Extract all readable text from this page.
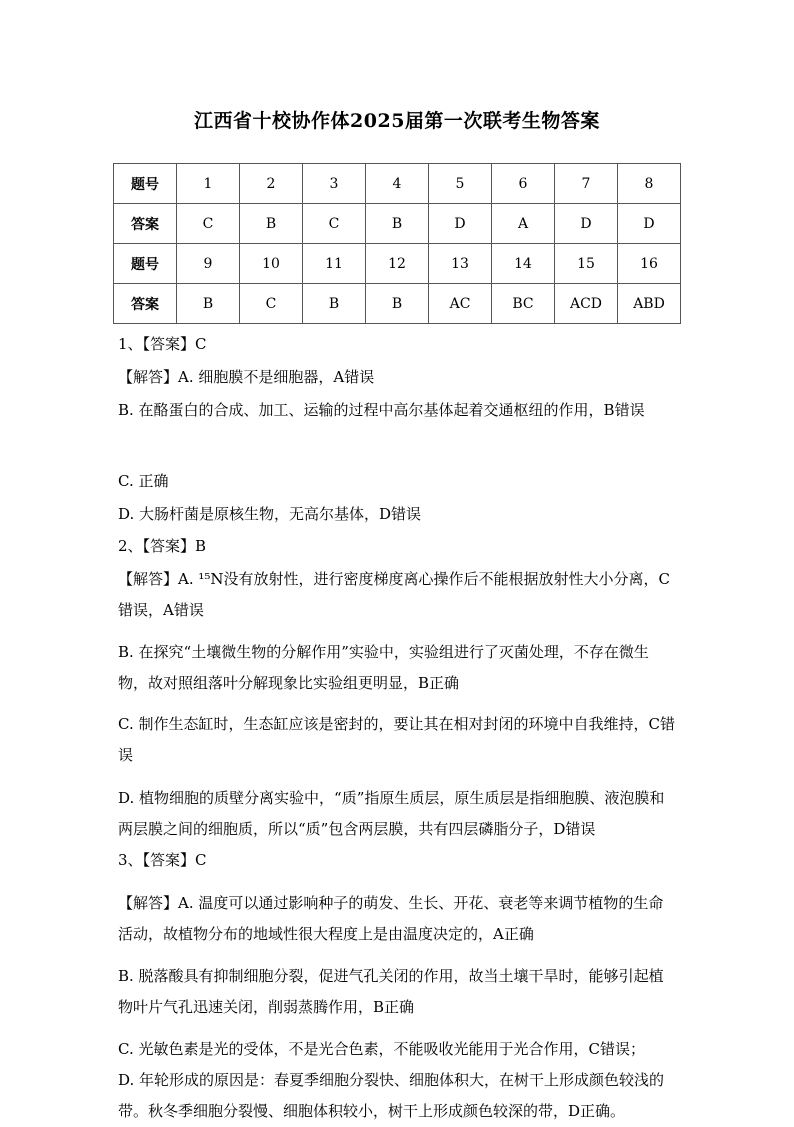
江西省十校协作体2025届第一次联考生物答案
题号	1	2	3	4	5	6	7	8
答案	C	B	C	B	D	A	D	D
题号	9	10	11	12	13	14	15	16
答案	B	C	B	B	AC	BC	ACD	ABD
1、【答案】C
【解答】A. 细胞膜不是细胞器，A错误
B. 在酪蛋白的合成、加工、运输的过程中高尔基体起着交通枢纽的作用，B错误
C. 正确
D. 大肠杆菌是原核生物，无高尔基体，D错误
2、【答案】B
【解答】A. ¹⁵N没有放射性，进行密度梯度离心操作后不能根据放射性大小分离，C错误，A错误
B. 在探究“土壤微生物的分解作用”实验中，实验组进行了灭菌处理，不存在微生物，故对照组落叶分解现象比实验组更明显，B正确
C. 制作生态缸时，生态缸应该是密封的，要让其在相对封闭的环境中自我维持，C错误
D. 植物细胞的质壁分离实验中，“质”指原生质层，原生质层是指细胞膜、液泡膜和两层膜之间的细胞质，所以“质”包含两层膜，共有四层磷脂分子，D错误
3、【答案】C
【解答】A. 温度可以通过影响种子的萌发、生长、开花、衰老等来调节植物的生命活动，故植物分布的地域性很大程度上是由温度决定的，A正确
B. 脱落酸具有抑制细胞分裂，促进气孔关闭的作用，故当土壤干旱时，能够引起植物叶片气孔迅速关闭，削弱蒸腾作用，B正确
C. 光敏色素是光的受体，不是光合色素，不能吸收光能用于光合作用，C错误；
D. 年轮形成的原因是：春夏季细胞分裂快、细胞体积大，在树干上形成颜色较浅的带。秋冬季细胞分裂慢、细胞体积较小，树干上形成颜色较深的带，D正确。
